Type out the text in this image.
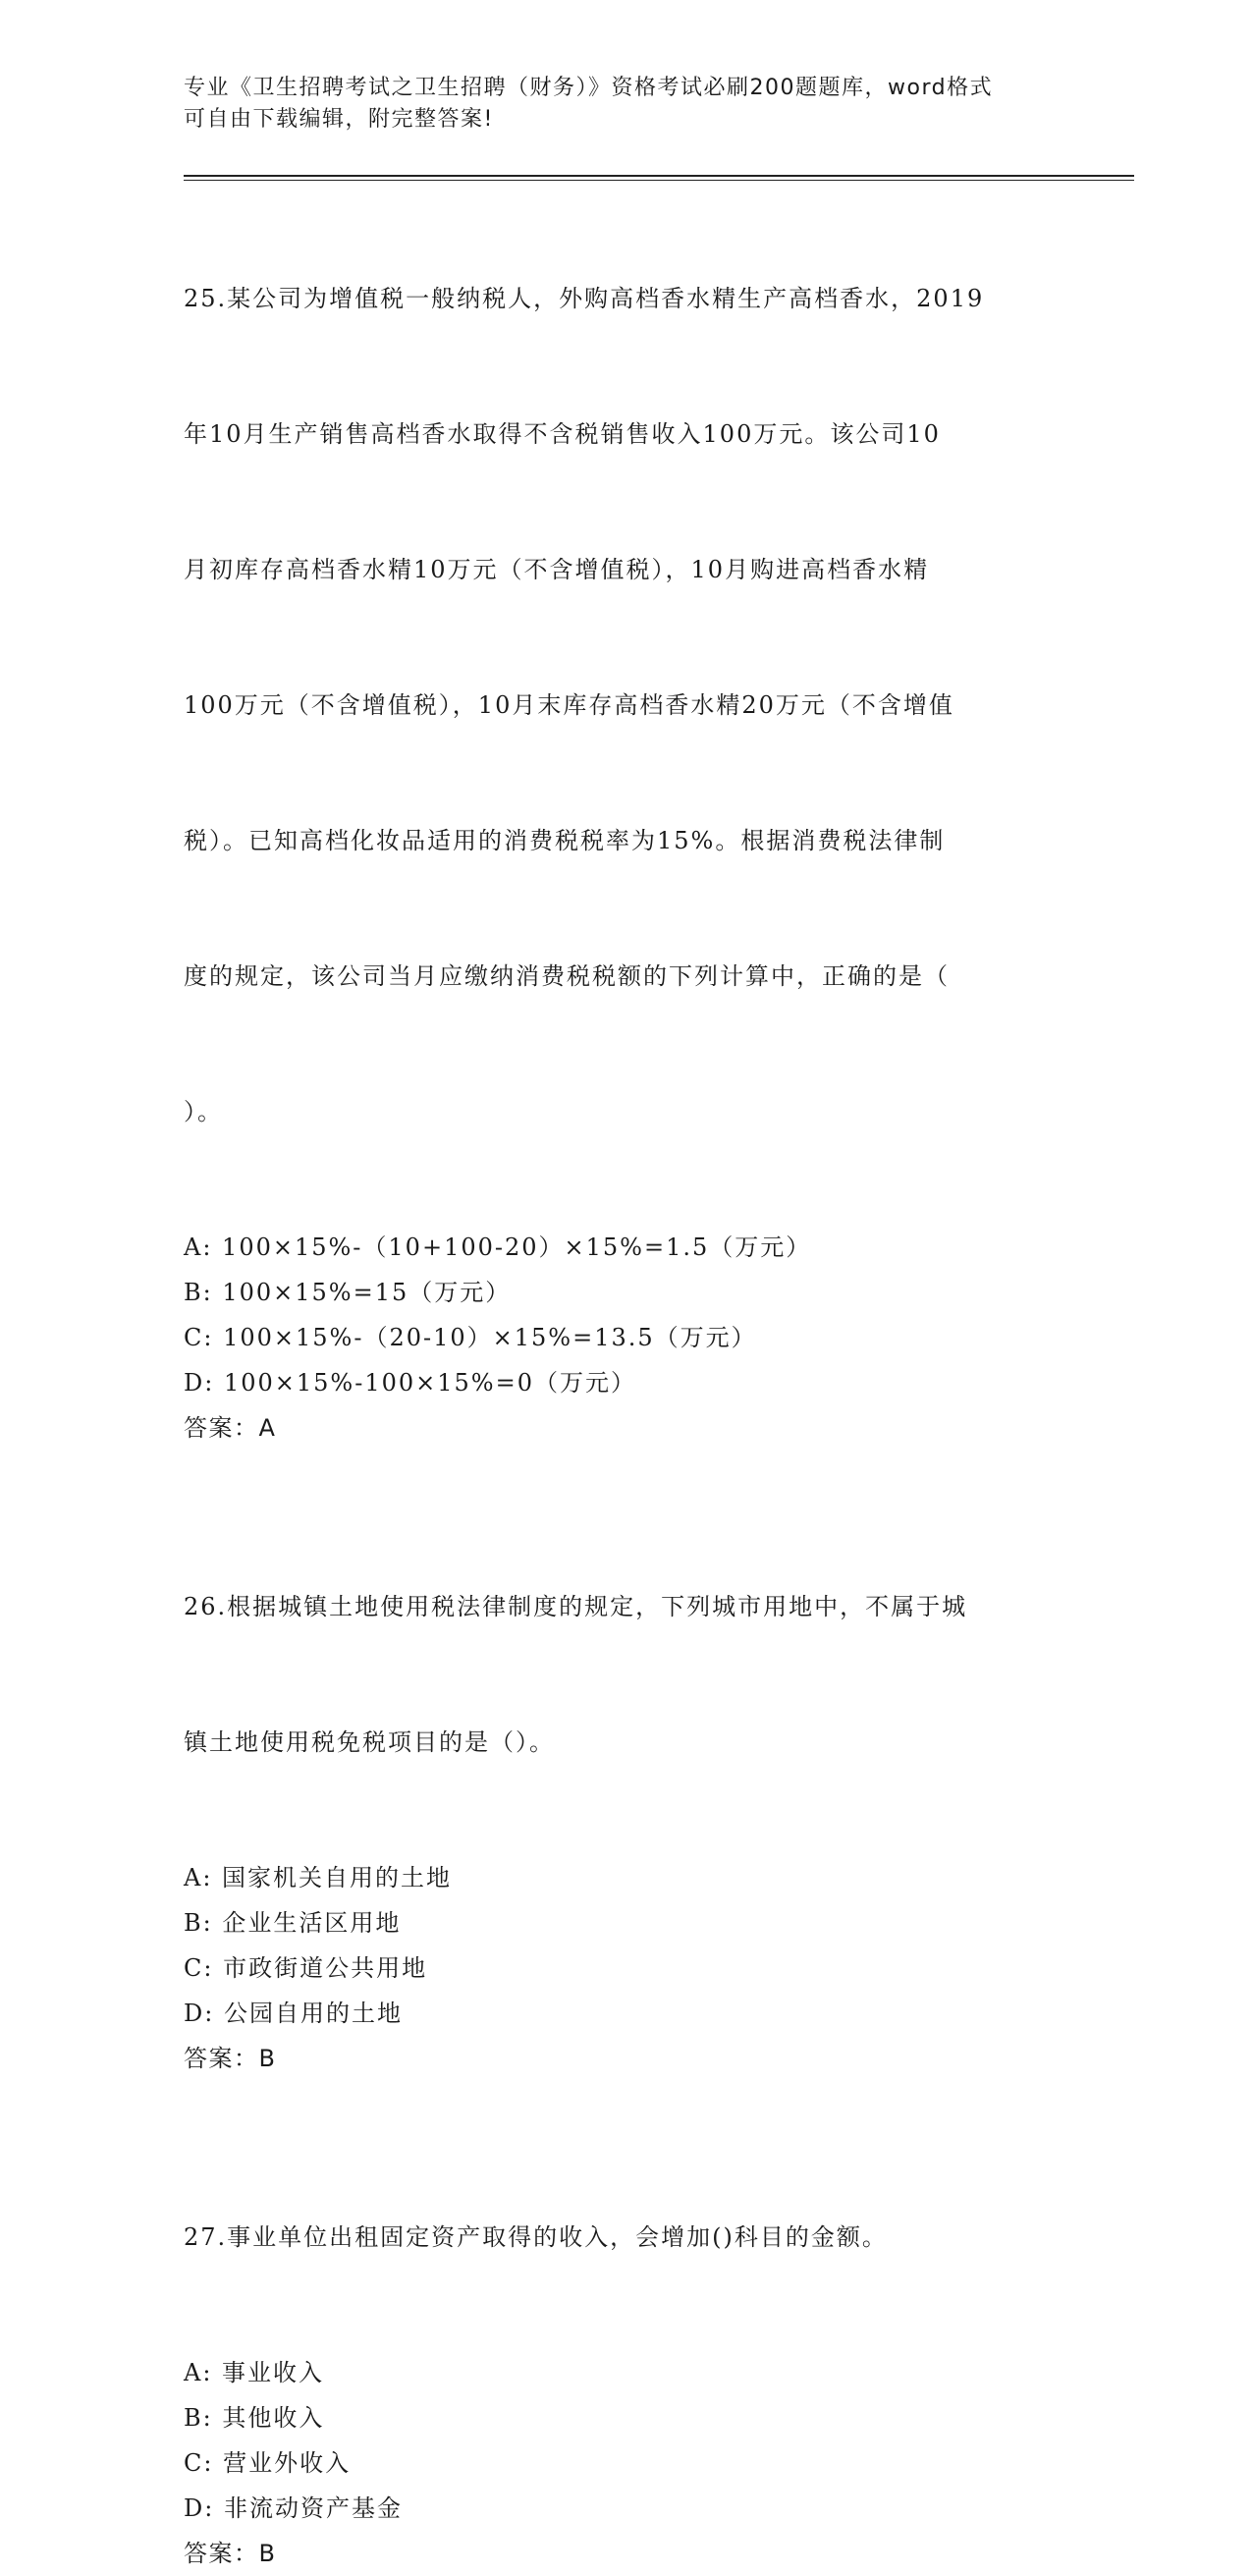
专业《卫生招聘考试之卫生招聘（财务）》资格考试必刷200题题库，word格式
可自由下载编辑，附完整答案!

25.某公司为增值税一般纳税人，外购高档香水精生产高档香水，2019

年10月生产销售高档香水取得不含税销售收入100万元。该公司10

月初库存高档香水精10万元（不含增值税），10月购进高档香水精

100万元（不含增值税），10月末库存高档香水精20万元（不含增值

税）。已知高档化妆品适用的消费税税率为15%。根据消费税法律制

度的规定，该公司当月应缴纳消费税税额的下列计算中，正确的是（

）。

A: 100×15%-（10+100-20）×15%=1.5（万元）
B: 100×15%=15（万元）
C: 100×15%-（20-10）×15%=13.5（万元）
D: 100×15%-100×15%=0（万元）
答案：A

26.根据城镇土地使用税法律制度的规定，下列城市用地中，不属于城

镇土地使用税免税项目的是（）。

A: 国家机关自用的土地
B: 企业生活区用地
C: 市政街道公共用地
D: 公园自用的土地
答案：B

27.事业单位出租固定资产取得的收入，会增加()科目的金额。

A: 事业收入
B: 其他收入
C: 营业外收入
D: 非流动资产基金
答案：B
